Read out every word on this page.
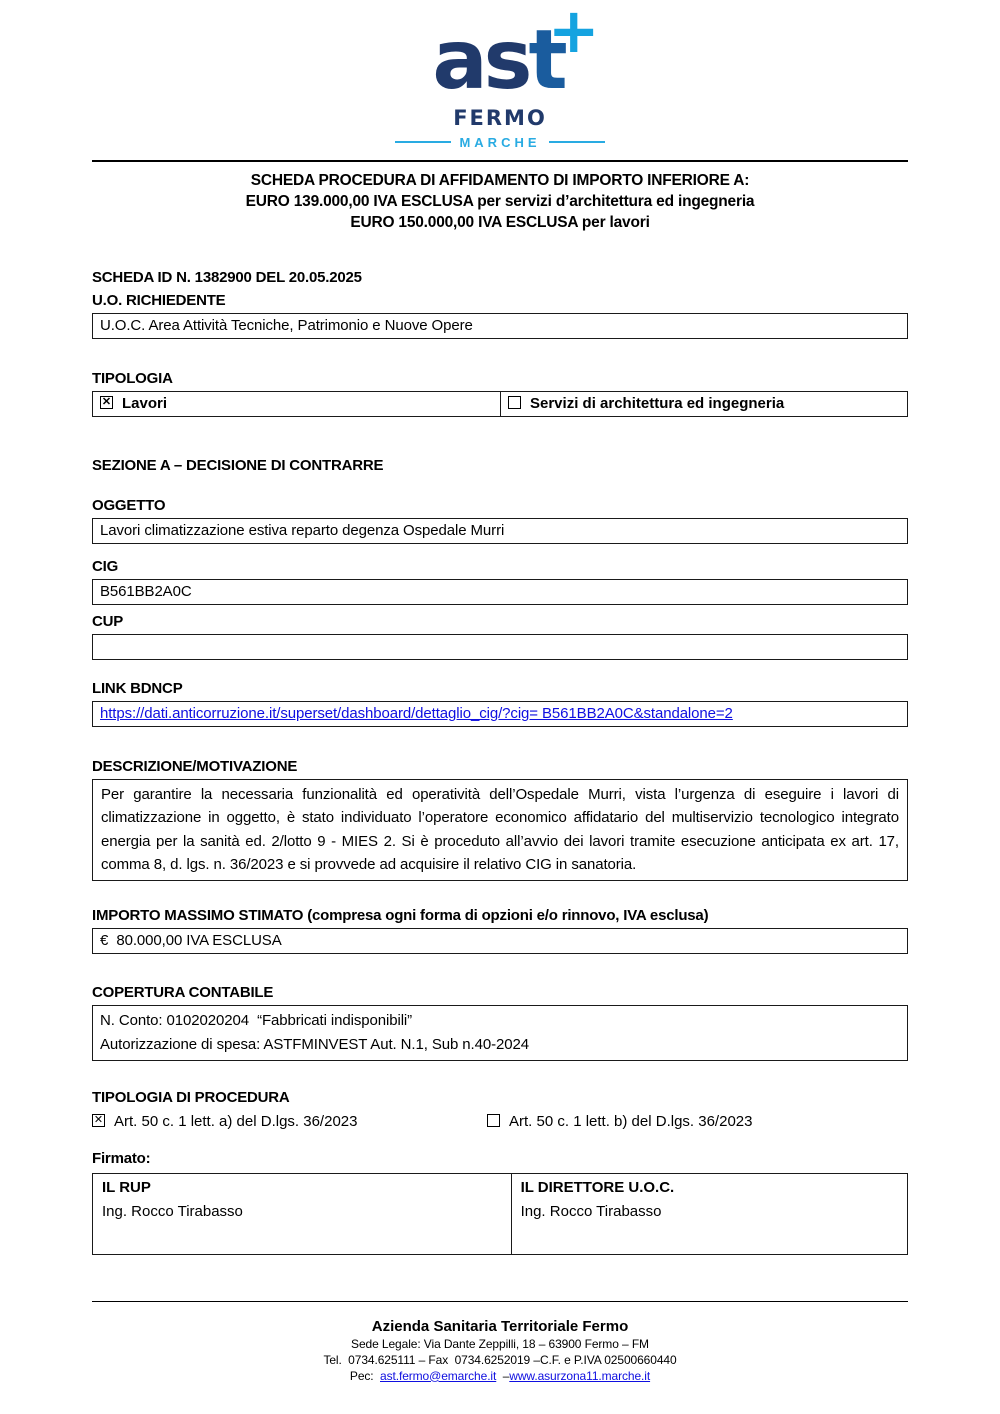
ast
+
FERMO
MARCHE
SCHEDA PROCEDURA DI AFFIDAMENTO DI IMPORTO INFERIORE A:
EURO 139.000,00 IVA ESCLUSA per servizi d’architettura ed ingegneria
EURO 150.000,00 IVA ESCLUSA per lavori
SCHEDA ID N. 1382900 DEL 20.05.2025
U.O. RICHIEDENTE
U.O.C. Area Attività Tecniche, Patrimonio e Nuove Opere
TIPOLOGIA
✕ Lavori	Servizi di architettura ed ingegneria
SEZIONE A – DECISIONE DI CONTRARRE
OGGETTO
Lavori climatizzazione estiva reparto degenza Ospedale Murri
CIG
B561BB2A0C
CUP
LINK BDNCP
https://dati.anticorruzione.it/superset/dashboard/dettaglio_cig/?cig= B561BB2A0C&standalone=2
DESCRIZIONE/MOTIVAZIONE
Per garantire la necessaria funzionalità ed operatività dell’Ospedale Murri, vista l’urgenza di eseguire i lavori di climatizzazione in oggetto, è stato individuato l’operatore economico affidatario del multiservizio tecnologico integrato energia per la sanità ed. 2/lotto 9 - MIES 2. Si è proceduto all’avvio dei lavori tramite esecuzione anticipata ex art. 17, comma 8, d. lgs. n. 36/2023 e si provvede ad acquisire il relativo CIG in sanatoria.
IMPORTO MASSIMO STIMATO (compresa ogni forma di opzioni e/o rinnovo, IVA esclusa)
€  80.000,00 IVA ESCLUSA
COPERTURA CONTABILE
N. Conto: 0102020204  “Fabbricati indisponibili”
Autorizzazione di spesa: ASTFMINVEST Aut. N.1, Sub n.40-2024
TIPOLOGIA DI PROCEDURA
✕ Art. 50 c. 1 lett. a) del D.lgs. 36/2023	Art. 50 c. 1 lett. b) del D.lgs. 36/2023
Firmato:
IL RUP
Ing. Rocco Tirabasso
IL DIRETTORE U.O.C.
Ing. Rocco Tirabasso
Azienda Sanitaria Territoriale Fermo
Sede Legale: Via Dante Zeppilli, 18 – 63900 Fermo – FM
Tel.  0734.625111 – Fax  0734.6252019 –C.F. e P.IVA 02500660440
Pec:  ast.fermo@emarche.it  –www.asurzona11.marche.it
